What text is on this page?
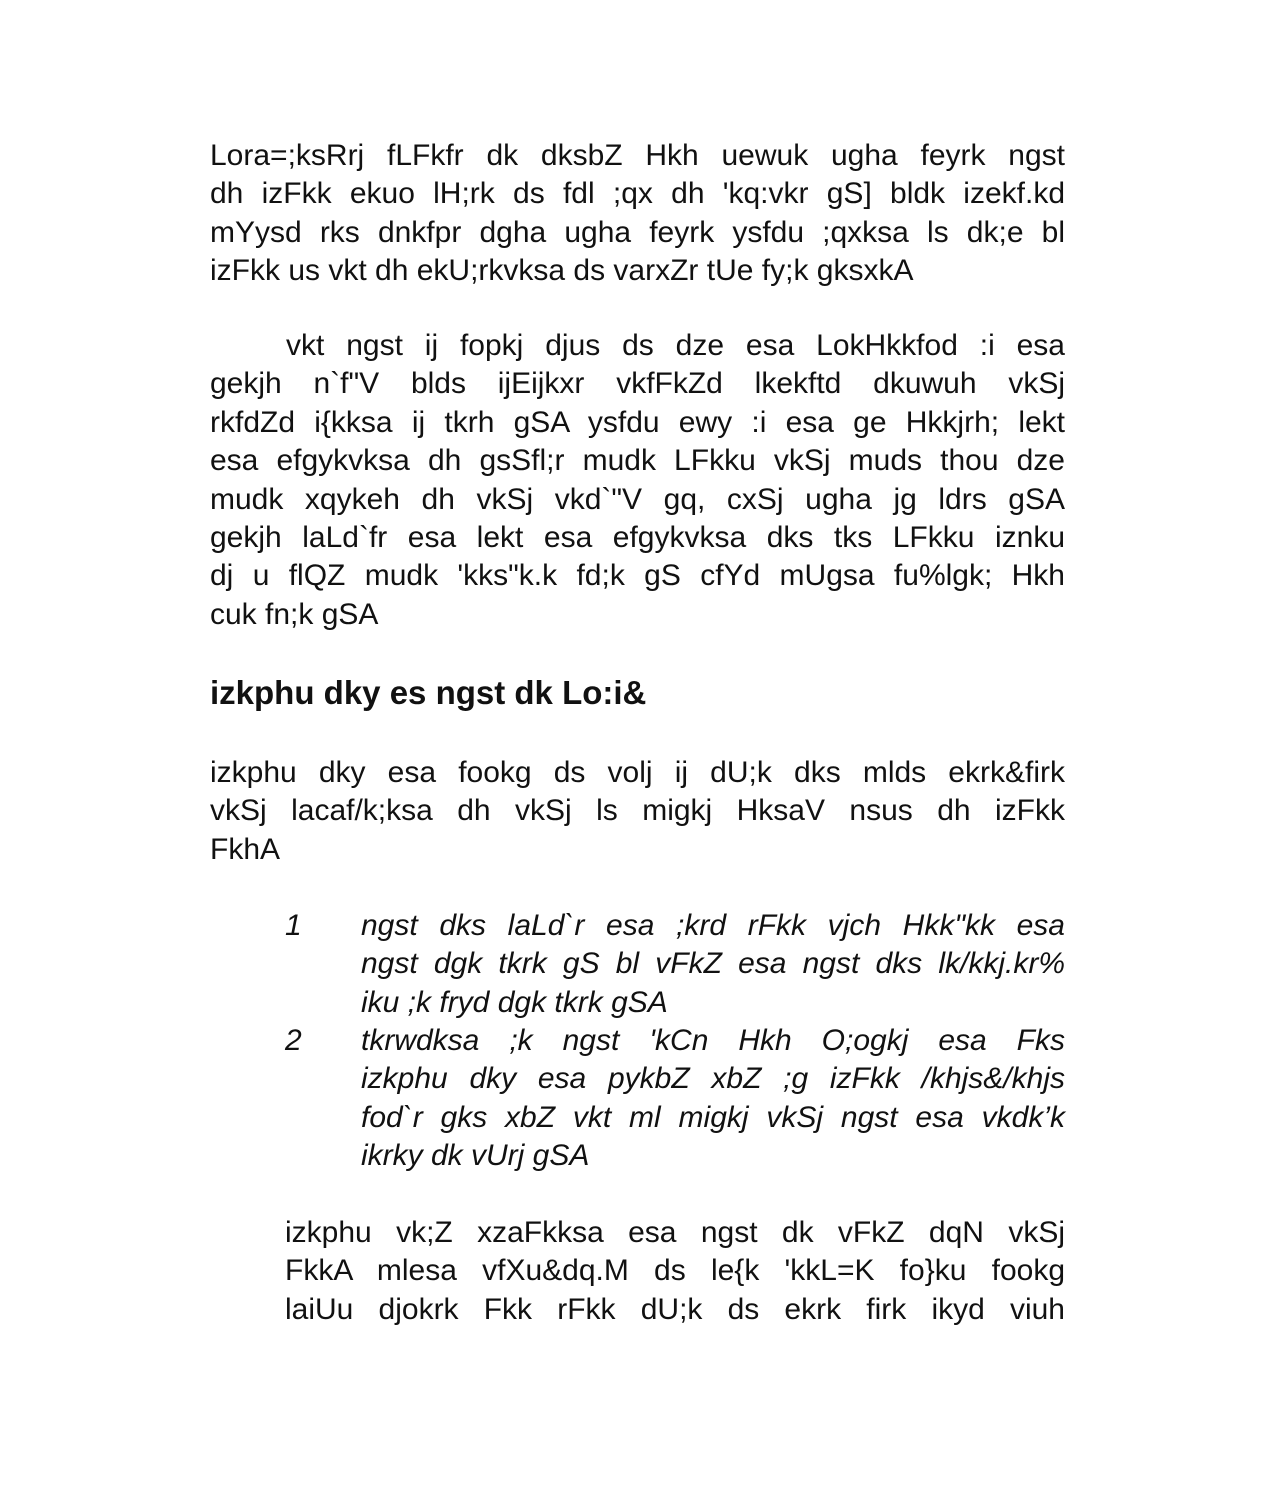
Lora=;ksRrj fLFkfr dk dksbZ Hkh uewuk ugha feyrk ngst
dh izFkk ekuo lH;rk ds fdl ;qx dh 'kq:vkr gS] bldk izekf.kd
mYysd rks dnkfpr dgha ugha feyrk ysfdu ;qxksa ls dk;e bl
izFkk us vkt dh ekU;rkvksa ds varxZr tUe fy;k gksxkA
vkt ngst ij fopkj djus ds dze esa LokHkkfod :i esa
gekjh n`f"V blds ijEijkxr vkfFkZd lkekftd dkuwuh vkSj
rkfdZd i{kksa ij tkrh gSA ysfdu ewy :i esa ge Hkkjrh; lekt
esa efgykvksa dh gsSfl;r mudk LFkku vkSj muds thou dze
mudk xqykeh dh vkSj vkd`"V gq, cxSj ugha jg ldrs gSA
gekjh laLd`fr esa lekt esa efgykvksa dks tks LFkku iznku
dj u flQZ mudk 'kks"k.k fd;k gS cfYd mUgsa fu%lgk; Hkh
cuk fn;k gSA
izkphu dky es ngst dk Lo:i&
izkphu dky esa fookg ds volj ij dU;k dks mlds ekrk&firk
vkSj lacaf/k;ksa dh vkSj ls migkj HksaV nsus dh izFkk
FkhA
1 ngst dks laLd`r esa ;krd rFkk vjch Hkk"kk esa
ngst dgk tkrk gS bl vFkZ esa ngst dks lk/kkj.kr%
iku ;k fryd dgk tkrk gSA
2 tkrwdksa ;k ngst 'kCn Hkh O;ogkj esa Fks
izkphu dky esa pykbZ xbZ ;g izFkk /khjs&/khjs
fod`r gks xbZ vkt ml migkj vkSj ngst esa vkdk’k
ikrky dk vUrj gSA
izkphu vk;Z xzaFkksa esa ngst dk vFkZ dqN vkSj
FkkA mlesa vfXu&dq.M ds le{k 'kkL=K fo}ku fookg
laiUu djokrk Fkk rFkk dU;k ds ekrk firk ikyd viuh
